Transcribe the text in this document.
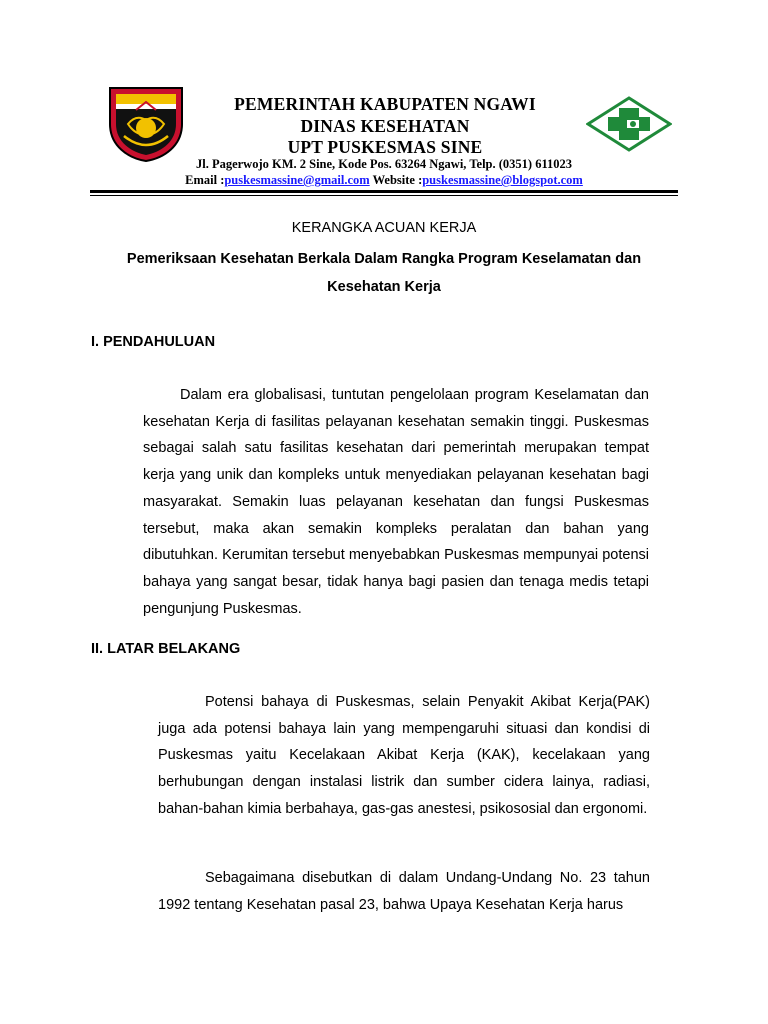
PEMERINTAH KABUPATEN NGAWI
DINAS KESEHATAN
UPT PUSKESMAS SINE
Jl. Pagerwojo KM. 2 Sine, Kode Pos. 63264 Ngawi, Telp. (0351) 611023
Email :puskesmassine@gmail.com Website :puskesmassine@blogspot.com
KERANGKA ACUAN KERJA
Pemeriksaan Kesehatan Berkala Dalam Rangka Program Keselamatan dan
Kesehatan Kerja
I. PENDAHULUAN
Dalam era globalisasi, tuntutan pengelolaan program Keselamatan dan kesehatan Kerja di fasilitas pelayanan kesehatan semakin tinggi. Puskesmas sebagai salah satu fasilitas kesehatan dari pemerintah merupakan tempat kerja yang unik dan kompleks untuk menyediakan pelayanan kesehatan bagi masyarakat. Semakin luas pelayanan kesehatan dan fungsi Puskesmas tersebut, maka akan semakin kompleks peralatan dan bahan yang dibutuhkan. Kerumitan tersebut menyebabkan Puskesmas mempunyai potensi bahaya yang sangat besar, tidak hanya bagi pasien dan tenaga medis tetapi pengunjung Puskesmas.
II. LATAR BELAKANG
Potensi bahaya di Puskesmas, selain Penyakit Akibat Kerja(PAK) juga ada potensi bahaya lain yang mempengaruhi situasi dan kondisi di Puskesmas yaitu Kecelakaan Akibat Kerja (KAK), kecelakaan yang berhubungan dengan instalasi listrik dan sumber cidera lainya, radiasi, bahan-bahan kimia berbahaya, gas-gas anestesi, psikososial dan ergonomi.
Sebagaimana disebutkan di dalam Undang-Undang No. 23 tahun 1992 tentang Kesehatan pasal 23, bahwa Upaya Kesehatan Kerja harus
